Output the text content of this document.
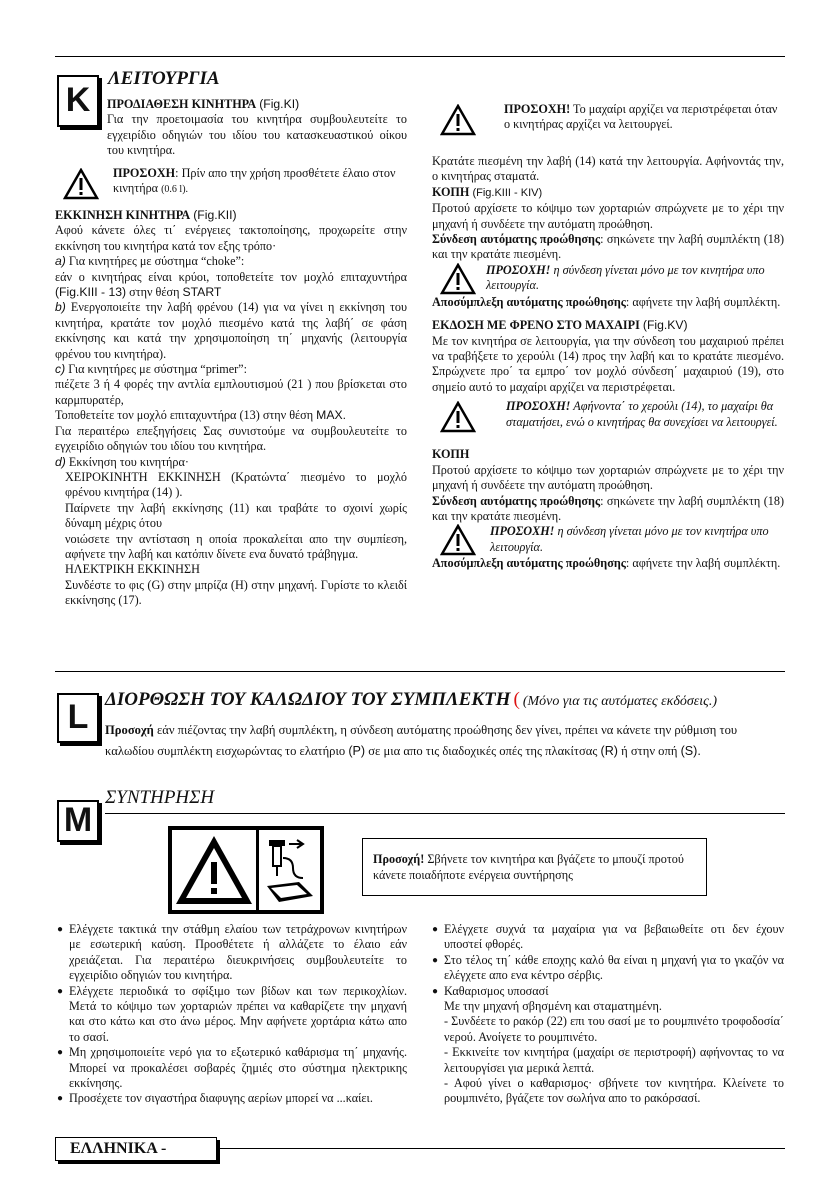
K
ΛΕΙΤΟΥΡΓΙΑ

ΠΡΟΔΙΑΘΕΣΗ ΚΙΝΗΤΗΡΑ (Fig.KI)

Για την προετοιμασία του κινητήρα συμβουλευτείτε το εγχειρίδιο οδηγιών του ιδίου του κατασκευαστικού οίκου του κινητήρα.

ΠΡΟΣΟΧΗ: Πρίν απο την χρήση προσθέτετε έλαιο στον κινητήρα (0.6 l).

ΕΚΚΙΝΗΣΗ ΚΙΝΗΤΗΡΑ (Fig.KII)

Αφού κάνετε όλες τι΄ ενέργειες τακτοποίησης, προχωρείτε στην εκκίνηση του κινητήρα κατά τον εξης τρόπο·

a) Για κινητήρες με σύστημα “choke”:

εάν ο κινητήρας είναι κρύοι, τοποθετείτε τον μοχλό επιταχυντήρα (Fig.KIII - 13) στην θέση START

b) Ενεργοποιείτε την λαβή φρένου (14) για να γίνει η εκκίνηση του κινητήρα, κρατάτε τον μοχλό πιεσμένο κατά της λαβή΄ σε φάση εκκίνησης και κατά την χρησιμοποίηση τη΄ μηχανής (λειτουργία φρένου του κινητήρα).

c) Για κινητήρες με σύστημα “primer”:

πιέζετε 3 ή 4 φορές την αντλία εμπλουτισμού (21 ) που βρίσκεται στο καρμπυρατέρ,

Τοποθετείτε τον μοχλό επιταχυντήρα (13) στην θέση MAX.

Για περαιτέρω επεξηγήσεις Σας συνιστούμε να συμβουλευτείτε το εγχειρίδιο οδηγιών του ιδίου του κινητήρα.

d) Εκκίνηση του κινητήρα·

ΧΕΙΡΟΚΙΝΗΤΗ ΕΚΚΙΝΗΣΗ (Κρατώντα΄ πιεσμένο το μοχλό φρένου κινητήρα (14) ).

Παίρνετε την λαβή εκκίνησης (11) και τραβάτε το σχοινί χωρίς δύναμη μέχρις ότου

νοιώσετε την αντίσταση η οποία προκαλείται απο την συμπίεση, αφήνετε την λαβή και κατόπιν δίνετε ενα δυνατό τράβηγμα.

ΗΛΕΚΤΡΙΚΗ ΕΚΚΙΝΗΣΗ

Συνδέστε το φις (G) στην μπρίζα (H) στην μηχανή. Γυρίστε το κλειδί εκκίνησης (17).

ΠΡΟΣΟΧΗ! Το μαχαίρι αρχίζει να περιστρέφεται όταν ο κινητήρας αρχίζει να λειτουργεί.

Κρατάτε πιεσμένη την λαβή (14) κατά την λειτουργία. Αφήνοντάς την, ο κινητήρας σταματά.

ΚΟΠΗ (Fig.KIII - KIV)

Προτού αρχίσετε το κόψιμο των χορταριών σπρώχνετε με το χέρι την μηχανή ή συνδέετε την αυτόματη προώθηση.

Σύνδεση αυτόματης προώθησης: σηκώνετε την λαβή συμπλέκτη (18) και την κρατάτε πιεσμένη.

ΠΡΟΣΟΧΗ! η σύνδεση γίνεται μόνο με τον κινητήρα υπο λειτουργία.

Αποσύμπλεξη αυτόματης προώθησης: αφήνετε την λαβή συμπλέκτη.

ΕΚΔΟΣΗ ΜΕ ΦΡΕΝΟ ΣΤΟ ΜΑΧΑΙΡΙ (Fig.KV)

Με τον κινητήρα σε λειτουργία, για την σύνδεση του μαχαιριού πρέπει να τραβήξετε το χερούλι (14) προς την λαβή και το κρατάτε πιεσμένο. Σπρώχνετε προ΄ τα εμπρο΄ τον μοχλό σύνδεση΄ μαχαιριού (19), στο σημείο αυτό το μαχαίρι αρχίζει να περιστρέφεται.

ΠΡΟΣΟΧΗ! Αφήνοντα΄ το χερούλι (14), το μαχαίρι θα σταματήσει, ενώ ο κινητήρας θα συνεχίσει να λειτουργεί.

ΚΟΠΗ

Προτού αρχίσετε το κόψιμο των χορταριών σπρώχνετε με το χέρι την μηχανή ή συνδέετε την αυτόματη προώθηση.

Σύνδεση αυτόματης προώθησης: σηκώνετε την λαβή συμπλέκτη (18) και την κρατάτε πιεσμένη.

ΠΡΟΣΟΧΗ! η σύνδεση γίνεται μόνο με τον κινητήρα υπο λειτουργία.

Αποσύμπλεξη αυτόματης προώθησης: αφήνετε την λαβή συμπλέκτη.

L ΔΙΟΡΘΩΣΗ ΤΟΥ ΚΑΛΩΔΙΟΥ ΤΟΥ ΣΥΜΠΛΕΚΤΗ ( (Μόνο για τις αυτόματες εκδόσεις.)
Προσοχή εάν πιέζοντας την λαβή συμπλέκτη, η σύνδεση αυτόματης προώθησης δεν γίνει, πρέπει να κάνετε την ρύθμιση του καλωδίου συμπλέκτη εισχωρώντας το ελατήριο (P) σε μια απο τις διαδοχικές οπές της πλακίτσας (R) ή στην οπή (S).
M
ΣΥΝΤΗΡΗΣΗ
Προσοχή! Σβήνετε τον κινητήρα και βγάζετε το μπουζί προτού κάνετε ποιαδήποτε ενέργεια συντήρησης

● Ελέγχετε τακτικά την στάθμη ελαίου των τετράχρονων κινητήρων με εσωτερική καύση. Προσθέτετε ή αλλάζετε το έλαιο εάν χρειάζεται. Για περαιτέρω διευκρινήσεις συμβουλευτείτε το εγχειρίδιο οδηγιών του κινητήρα.

● Ελέγχετε περιοδικά το σφίξιμο των βίδων και των περικοχλίων. Μετά το κόψιμο των χορταριών πρέπει να καθαρίζετε την μηχανή και στο κάτω και στο άνω μέρος. Μην αφήνετε χορτάρια κάτω απο το σασί.

● Μη χρησιμοποιείτε νερό για το εξωτερικό καθάρισμα τη΄ μηχανής. Μπορεί να προκαλέσει σοβαρές ζημιές στο σύστημα ηλεκτρικης εκκίνησης.

● Προσέχετε τον σιγαστήρα διαφυγης αερίων μπορεί να ...καίει.

● Ελέγχετε συχνά τα μαχαίρια για να βεβαιωθείτε οτι δεν έχουν υποστεί φθορές.

● Στο τέλος τη΄ κάθε εποχης καλό θα είναι η μηχανή για το γκαζόν να ελέγχετε απο ενα κέντρο σέρβις.

● Καθαρισμος υποσασί

Με την μηχανή σβησμένη και σταματημένη.

- Συνδέετε το ρακόρ (22) επι του σασί με το ρουμπινέτο τροφοδοσία΄ νερού. Ανοίγετε το ρουμπινέτο.

- Εκκινείτε τον κινητήρα (μαχαίρι σε περιστροφή) αφήνοντας το να λειτουργίσει για μερικά λεπτά.

- Αφού γίνει ο καθαρισμος· σβήνετε τον κινητήρα. Κλείνετε το ρουμπινέτο, βγάζετε τον σωλήνα απο το ρακόρσασί.

ΕΛΛΗΝΙΚΑ -
